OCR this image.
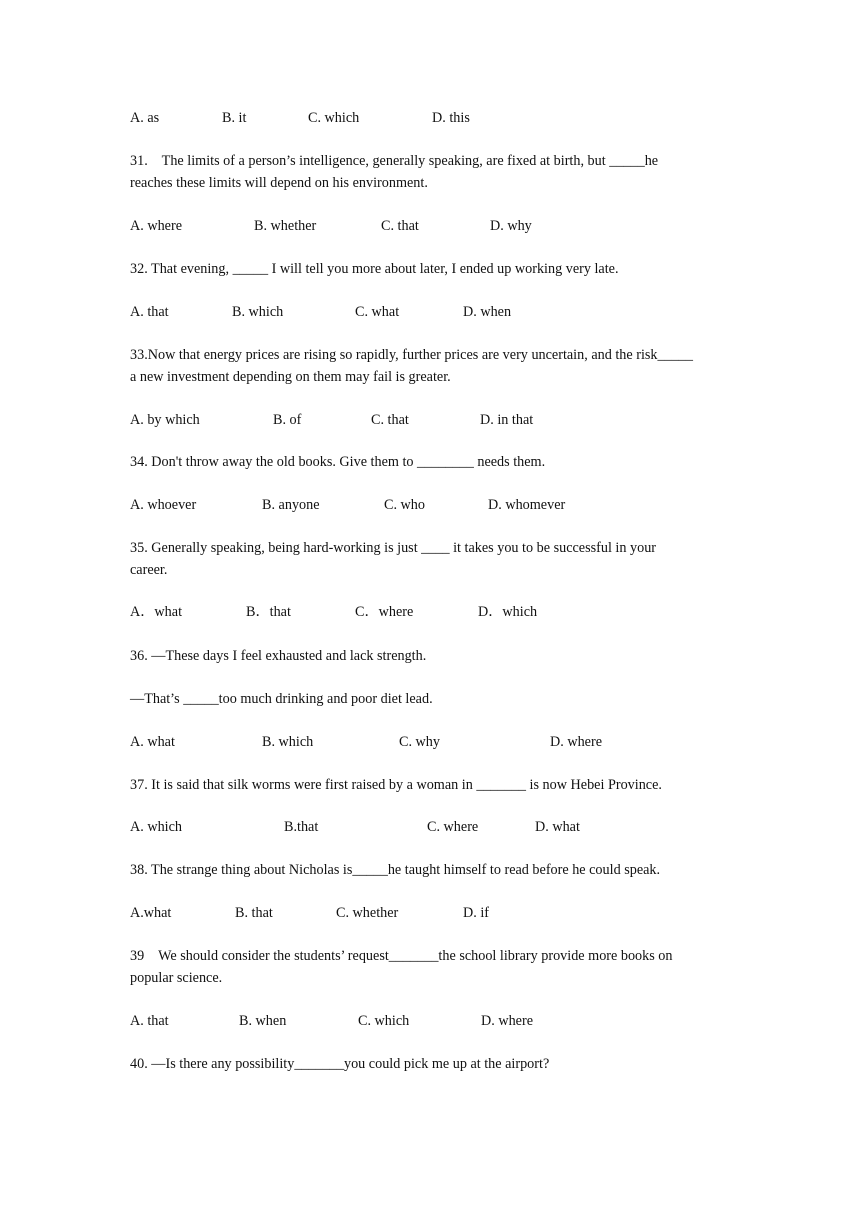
A. as	B. it	C. which	D. this
31.    The limits of a person’s intelligence, generally speaking, are fixed at birth, but _____he
reaches these limits will depend on his environment.
A. where	B. whether	C. that	D. why
32. That evening, _____ I will tell you more about later, I ended up working very late.
A. that	B. which	C. what	D. when
33.Now that energy prices are rising so rapidly, further prices are very uncertain, and the risk_____
a new investment depending on them may fail is greater.
A. by which	B. of	C. that	D. in that
34. Don't throw away the old books. Give them to ________ needs them.
A. whoever	B. anyone	C. who	D. whomever
35. Generally speaking, being hard-working is just ____ it takes you to be successful in your
career.
A．what	B．that	C．where	D．which
36. —These days I feel exhausted and lack strength.
—That’s _____too much drinking and poor diet lead.
A. what	B. which	C. why	D. where
37. It is said that silk worms were first raised by a woman in _______ is now Hebei Province.
A. which	B.that	C. where	D. what
38. The strange thing about Nicholas is_____he taught himself to read before he could speak.
A.what	B. that	C. whether	D. if
39    We should consider the students’ request_______the school library provide more books on
popular science.
A. that	B. when	C. which	D. where
40. —Is there any possibility_______you could pick me up at the airport?
